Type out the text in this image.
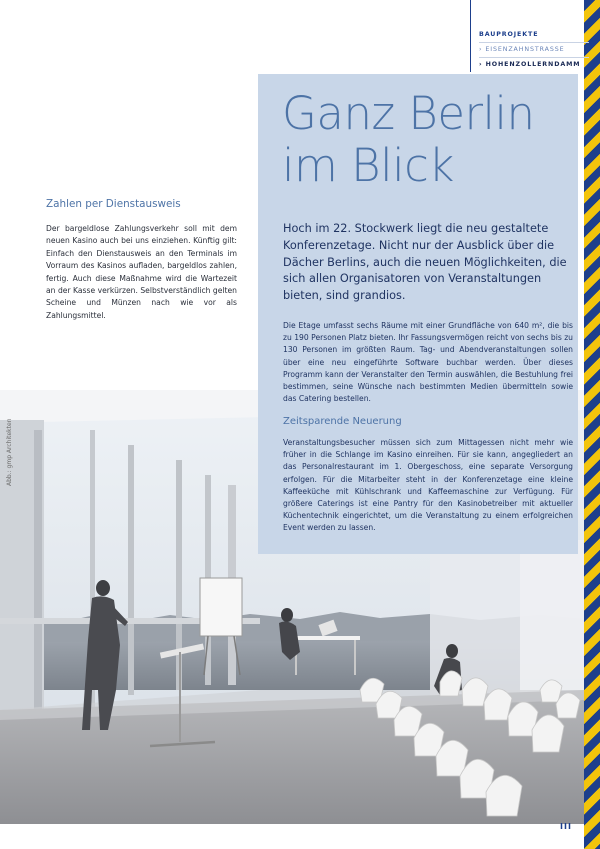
BAUPROJEKTE
› EISENZAHNSTRASSE
› HOHENZOLLERNDAMM
Abb.: gmp Architekten
Ganz Berlin im Blick
Hoch im 22. Stockwerk liegt die neu gestaltete Konferenzetage. Nicht nur der Ausblick über die Dächer Berlins, auch die neuen Möglichkeiten, die sich allen Organisatoren von Veranstaltungen bieten, sind grandios.
Die Etage umfasst sechs Räume mit einer Grundfläche von 640 m², die bis zu 190 Personen Platz bieten. Ihr Fassungsvermögen reicht von sechs bis zu 130 Personen im größten Raum. Tag- und Abendveranstaltungen sollen über eine neu eingeführte Software buchbar werden. Über dieses Programm kann der Veranstalter den Termin auswählen, die Bestuhlung frei bestimmen, seine Wünsche nach bestimmten Medien übermitteln sowie das Catering bestellen.
Zeitsparende Neuerung
Veranstaltungsbesucher müssen sich zum Mittagessen nicht mehr wie früher in die Schlange im Kasino einreihen. Für sie kann, angegliedert an das Personalrestaurant im 1. Obergeschoss, eine separate Versorgung erfolgen. Für die Mitarbeiter steht in der Konferenzetage eine kleine Kaffeeküche mit Kühlschrank und Kaffeemaschine zur Verfügung. Für größere Caterings ist eine Pantry für den Kasinobetreiber mit aktueller Küchentechnik eingerichtet, um die Veranstaltung zu einem erfolgreichen Event werden zu lassen.
Zahlen per Dienstausweis
Der bargeldlose Zahlungsverkehr soll mit dem neuen Kasino auch bei uns einziehen. Künftig gilt: Einfach den Dienstausweis an den Terminals im Vorraum des Kasinos aufladen, bargeldlos zahlen, fertig. Auch diese Maßnahme wird die Wartezeit an der Kasse verkürzen. Selbstverständlich gelten Scheine und Münzen nach wie vor als Zahlungsmittel.
III
